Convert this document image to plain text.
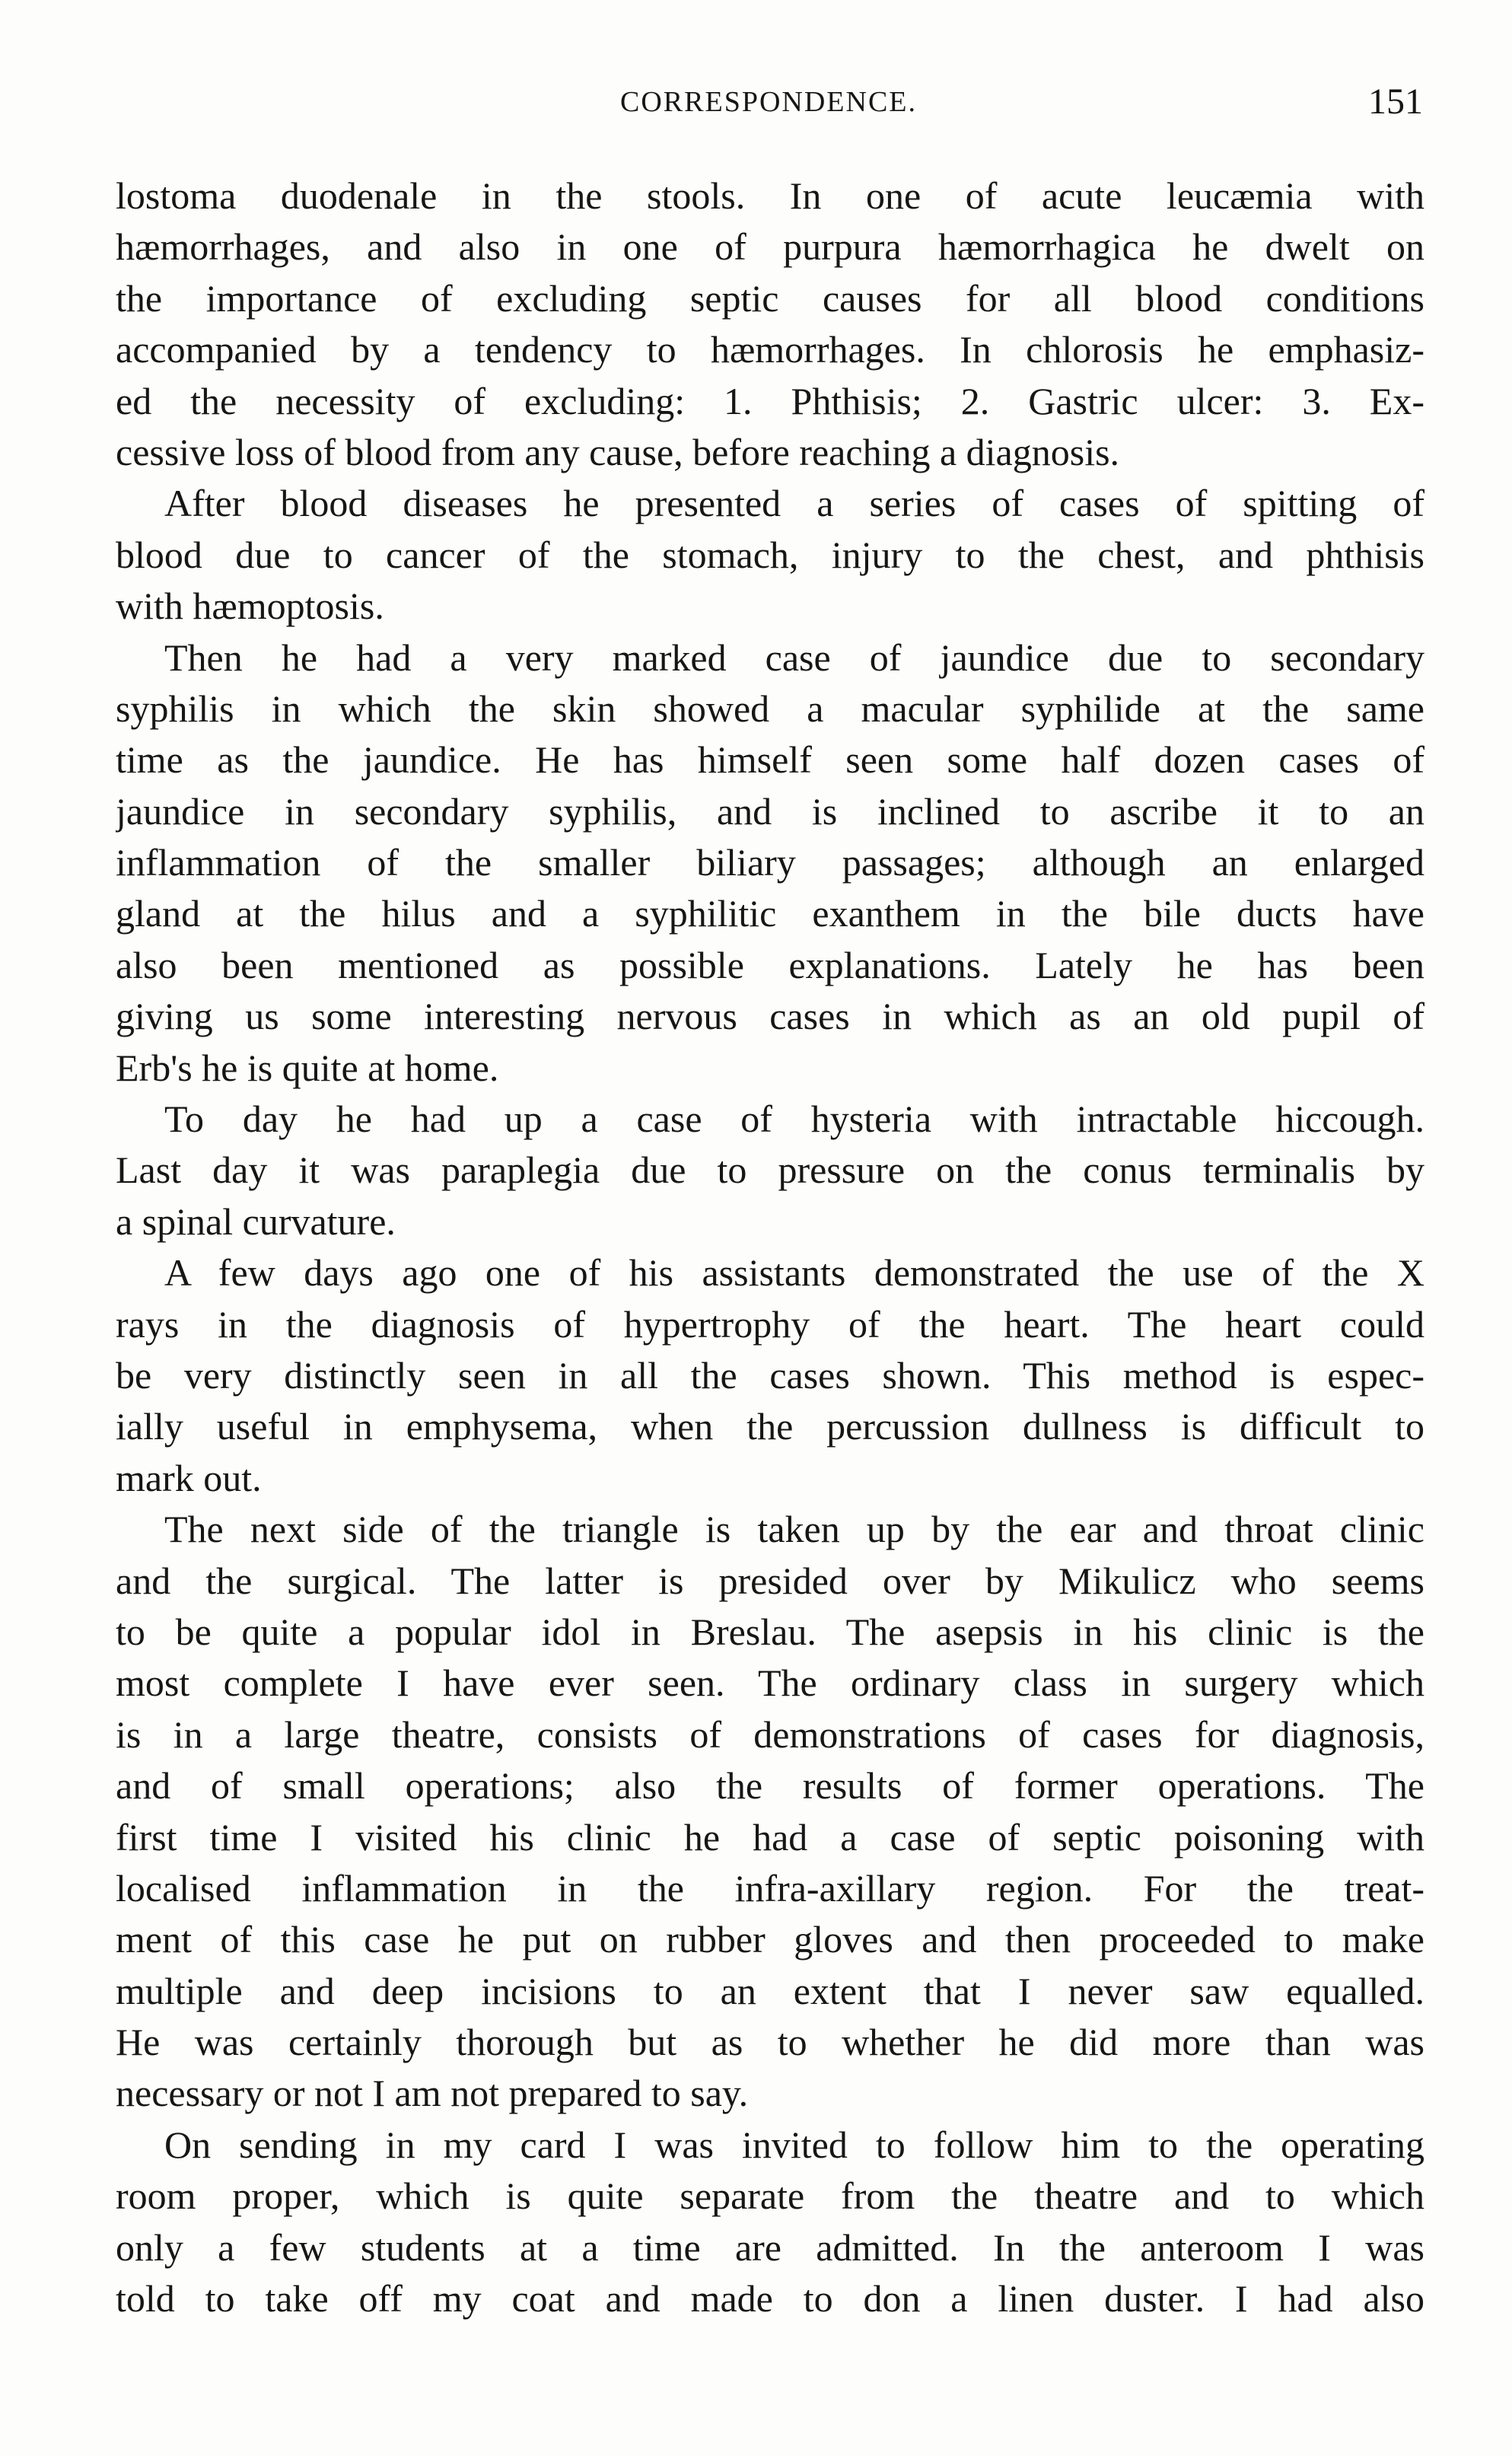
CORRESPONDENCE.	151
lostoma duodenale in the stools. In one of acute leucæmia with
hæmorrhages, and also in one of purpura hæmorrhagica he dwelt on
the importance of excluding septic causes for all blood conditions
accompanied by a tendency to hæmorrhages. In chlorosis he emphasiz-
ed the necessity of excluding: 1. Phthisis; 2. Gastric ulcer: 3. Ex-
cessive loss of blood from any cause, before reaching a diagnosis.
After blood diseases he presented a series of cases of spitting of
blood due to cancer of the stomach, injury to the chest, and phthisis
with hæmoptosis.
Then he had a very marked case of jaundice due to secondary
syphilis in which the skin showed a macular syphilide at the same
time as the jaundice. He has himself seen some half dozen cases of
jaundice in secondary syphilis, and is inclined to ascribe it to an
inflammation of the smaller biliary passages; although an enlarged
gland at the hilus and a syphilitic exanthem in the bile ducts have
also been mentioned as possible explanations. Lately he has been
giving us some interesting nervous cases in which as an old pupil of
Erb's he is quite at home.
To day he had up a case of hysteria with intractable hiccough.
Last day it was paraplegia due to pressure on the conus terminalis by
a spinal curvature.
A few days ago one of his assistants demonstrated the use of the X
rays in the diagnosis of hypertrophy of the heart. The heart could
be very distinctly seen in all the cases shown. This method is espec-
ially useful in emphysema, when the percussion dullness is difficult to
mark out.
The next side of the triangle is taken up by the ear and throat clinic
and the surgical. The latter is presided over by Mikulicz who seems
to be quite a popular idol in Breslau. The asepsis in his clinic is the
most complete I have ever seen. The ordinary class in surgery which
is in a large theatre, consists of demonstrations of cases for diagnosis,
and of small operations; also the results of former operations. The
first time I visited his clinic he had a case of septic poisoning with
localised inflammation in the infra-axillary region. For the treat-
ment of this case he put on rubber gloves and then proceeded to make
multiple and deep incisions to an extent that I never saw equalled.
He was certainly thorough but as to whether he did more than was
necessary or not I am not prepared to say.
On sending in my card I was invited to follow him to the operating
room proper, which is quite separate from the theatre and to which
only a few students at a time are admitted. In the anteroom I was
told to take off my coat and made to don a linen duster. I had also
